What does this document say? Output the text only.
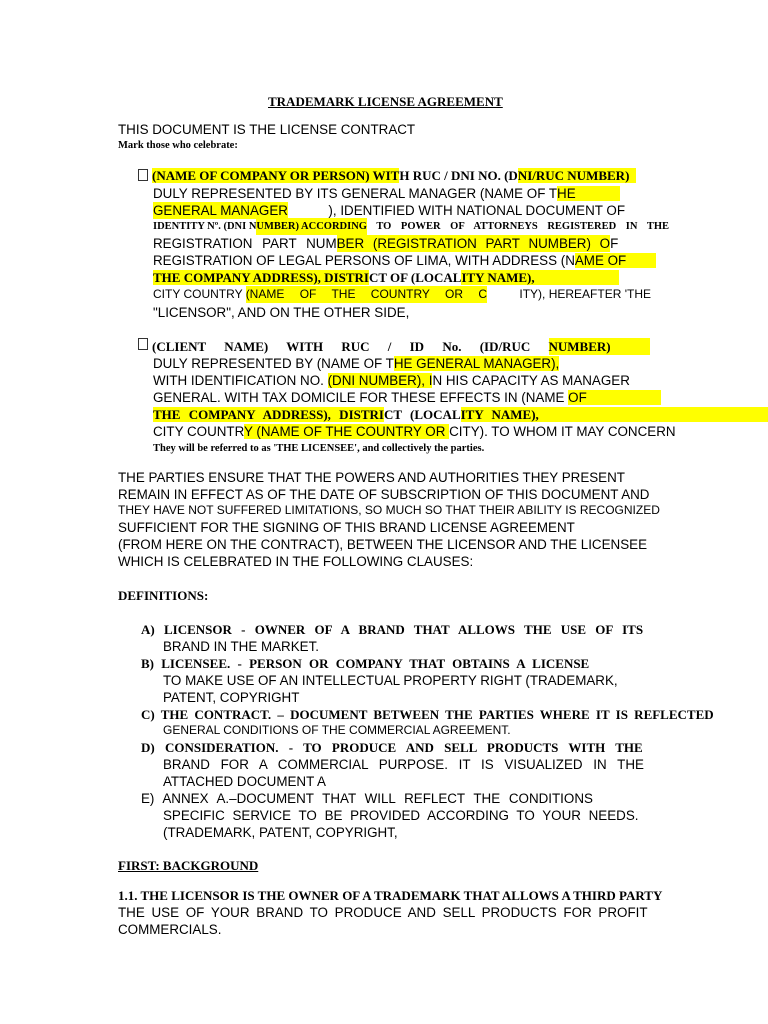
TRADEMARK LICENSE AGREEMENT
THIS DOCUMENT IS THE LICENSE CONTRACT
Mark those who celebrate:
(NAME OF COMPANY OR PERSON) WITH RUC / DNI NO. (DNI/RUC NUMBER)
DULY REPRESENTED BY ITS GENERAL MANAGER (NAME OF THE
GENERAL MANAGER	), IDENTIFIED WITH NATIONAL DOCUMENT OF
IDENTITY Nº. (DNI N UMBER) ACCORDING TO POWER OF ATTORNEYS REGISTERED IN THE
REGISTRATION PART NUM BER (REGISTRATION PART NUMBER) O F
REGISTRATION OF LEGAL PERSONS OF LIMA, WITH ADDRESS (NAME OF
THE COMPANY ADDRESS), DISTRICT OF (LOCALITY NAME),
CITY COUNTRY (NAME OF THE COUNTRY OR C	ITY), HEREAFTER 'THE
"LICENSOR", AND ON THE OTHER SIDE,
(CLIENT NAME) WITH RUC / ID No. (ID/RUC NUMBER)
DULY REPRESENTED BY (NAME OF THE GENERAL MANAGER),
WITH IDENTIFICATION NO. (DNI NUMBER), IN HIS CAPACITY AS MANAGER
GENERAL. WITH TAX DOMICILE FOR THESE EFFECTS IN (NAME OF
THE COMPANY ADDRESS), DISTRICT (LOCALITY NAME),
CITY COUNTRY (NAME OF THE COUNTRY OR CITY). TO WHOM IT MAY CONCERN
They will be referred to as 'THE LICENSEE', and collectively the parties.
THE PARTIES ENSURE THAT THE POWERS AND AUTHORITIES THEY PRESENT
REMAIN IN EFFECT AS OF THE DATE OF SUBSCRIPTION OF THIS DOCUMENT AND
THEY HAVE NOT SUFFERED LIMITATIONS, SO MUCH SO THAT THEIR ABILITY IS RECOGNIZED
SUFFICIENT FOR THE SIGNING OF THIS BRAND LICENSE AGREEMENT
(FROM HERE ON THE CONTRACT), BETWEEN THE LICENSOR AND THE LICENSEE
WHICH IS CELEBRATED IN THE FOLLOWING CLAUSES:
DEFINITIONS:
A) LICENSOR - OWNER OF A BRAND THAT ALLOWS THE USE OF ITS
BRAND IN THE MARKET.
B) LICENSEE. - PERSON OR COMPANY THAT OBTAINS A LICENSE
TO MAKE USE OF AN INTELLECTUAL PROPERTY RIGHT (TRADEMARK,
PATENT, COPYRIGHT
C) THE CONTRACT. – DOCUMENT BETWEEN THE PARTIES WHERE IT IS REFLECTED
GENERAL CONDITIONS OF THE COMMERCIAL AGREEMENT.
D) CONSIDERATION. - TO PRODUCE AND SELL PRODUCTS WITH THE
BRAND FOR A COMMERCIAL PURPOSE. IT IS VISUALIZED IN THE
ATTACHED DOCUMENT A
E) ANNEX A.–DOCUMENT THAT WILL REFLECT THE CONDITIONS
SPECIFIC SERVICE TO BE PROVIDED ACCORDING TO YOUR NEEDS.
(TRADEMARK, PATENT, COPYRIGHT,
FIRST: BACKGROUND
1.1. THE LICENSOR IS THE OWNER OF A TRADEMARK THAT ALLOWS A THIRD PARTY
THE USE OF YOUR BRAND TO PRODUCE AND SELL PRODUCTS FOR PROFIT
COMMERCIALS.
